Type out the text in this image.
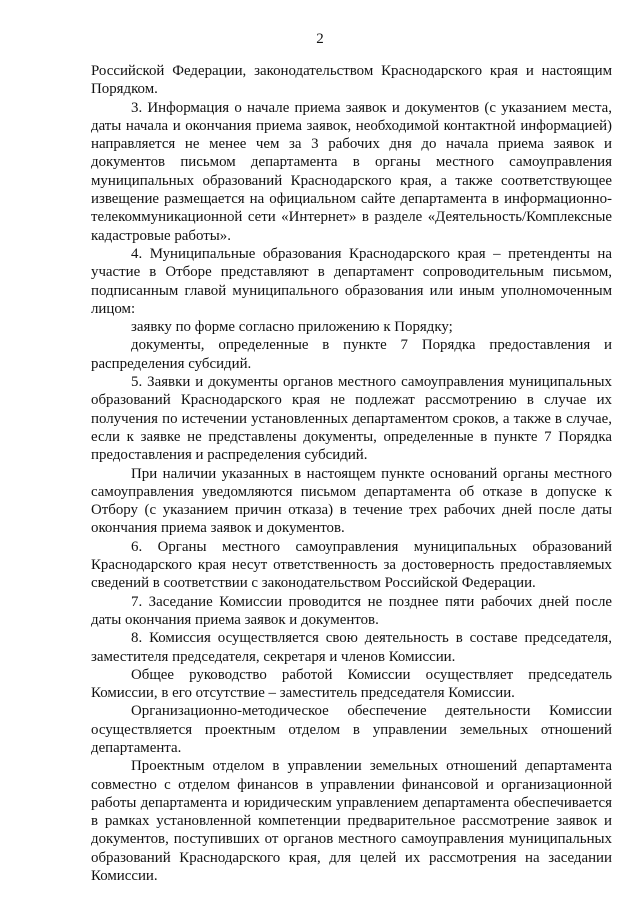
2

Российской Федерации, законодательством Краснодарского края и настоящим Порядком.

3. Информация о начале приема заявок и документов (с указанием места, даты начала и окончания приема заявок, необходимой контактной информацией) направляется не менее чем за 3 рабочих дня до начала приема заявок и документов письмом департамента в органы местного самоуправления муниципальных образований Краснодарского края, а также соответствующее извещение размещается на официальном сайте департамента в информационно-телекоммуникационной сети «Интернет» в разделе «Деятельность/Комплексные кадастровые работы».

4. Муниципальные образования Краснодарского края – претенденты на участие в Отборе представляют в департамент сопроводительным письмом, подписанным главой муниципального образования или иным уполномоченным лицом:

заявку по форме согласно приложению к Порядку;

документы, определенные в пункте 7 Порядка предоставления и распределения субсидий.

5. Заявки и документы органов местного самоуправления муниципальных образований Краснодарского края не подлежат рассмотрению в случае их получения по истечении установленных департаментом сроков, а также в случае, если к заявке не представлены документы, определенные в пункте 7 Порядка предоставления и распределения субсидий.

При наличии указанных в настоящем пункте оснований органы местного самоуправления уведомляются письмом департамента об отказе в допуске к Отбору (с указанием причин отказа) в течение трех рабочих дней после даты окончания приема заявок и документов.

6. Органы местного самоуправления муниципальных образований Краснодарского края несут ответственность за достоверность предоставляемых сведений в соответствии с законодательством Российской Федерации.

7. Заседание Комиссии проводится не позднее пяти рабочих дней после даты окончания приема заявок и документов.

8. Комиссия осуществляется свою деятельность в составе председателя, заместителя председателя, секретаря и членов Комиссии.

Общее руководство работой Комиссии осуществляет председатель Комиссии, в его отсутствие – заместитель председателя Комиссии.

Организационно-методическое обеспечение деятельности Комиссии осуществляется проектным отделом в управлении земельных отношений департамента.

Проектным отделом в управлении земельных отношений департамента совместно с отделом финансов в управлении финансовой и организационной работы департамента и юридическим управлением департамента обеспечивается в рамках установленной компетенции предварительное рассмотрение заявок и документов, поступивших от органов местного самоуправления муниципальных образований Краснодарского края, для целей их рассмотрения на заседании Комиссии.
